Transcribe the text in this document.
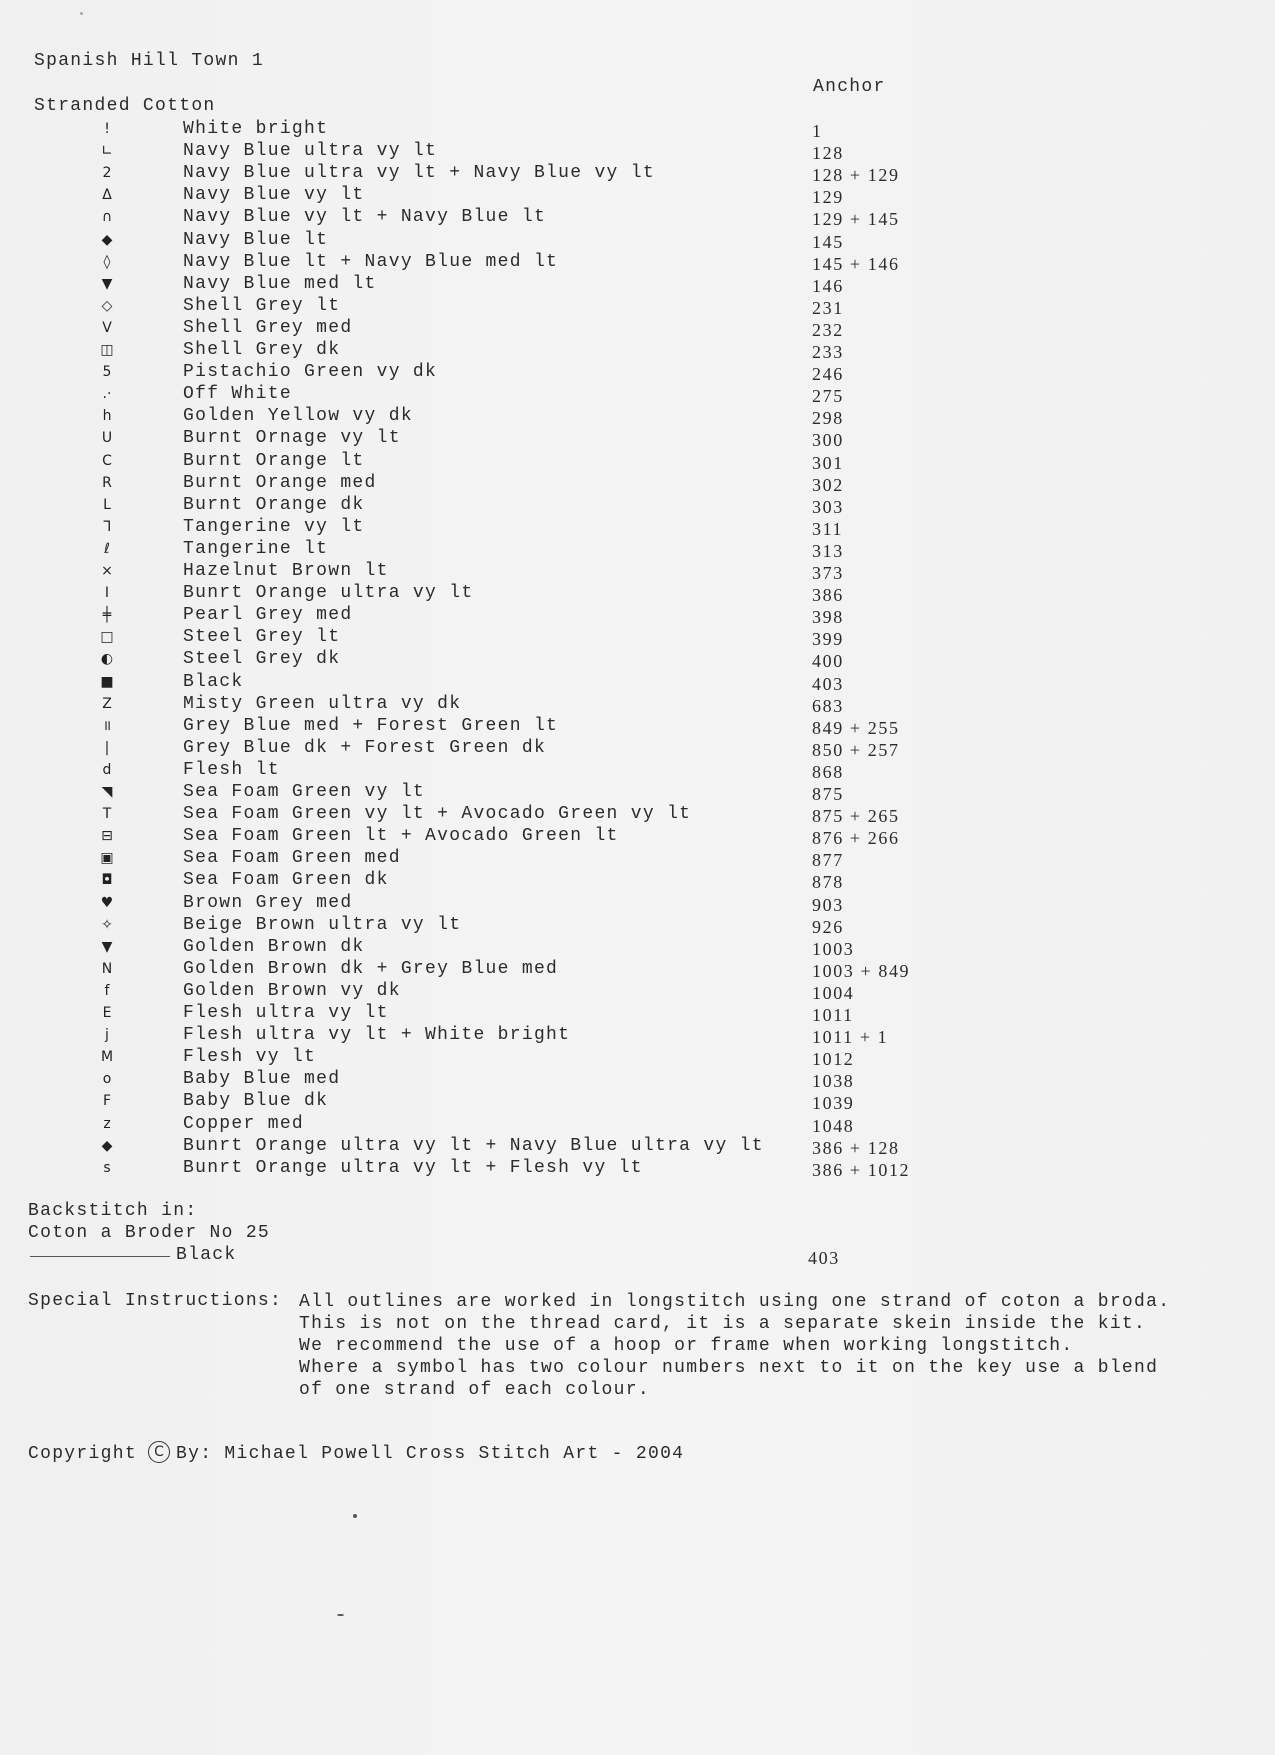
Spanish Hill Town 1
Anchor
Stranded Cotton
!	White bright	1
∟	Navy Blue ultra vy lt	128
2	Navy Blue ultra vy lt + Navy Blue vy lt	128 + 129
Δ	Navy Blue vy lt	129
∩	Navy Blue vy lt + Navy Blue lt	129 + 145
◆	Navy Blue lt	145
◊	Navy Blue lt + Navy Blue med lt	145 + 146
▼	Navy Blue med lt	146
◇	Shell Grey lt	231
V	Shell Grey med	232
◫	Shell Grey dk	233
5	Pistachio Green vy dk	246
.·	Off White	275
h	Golden Yellow vy dk	298
U	Burnt Ornage vy lt	300
C	Burnt Orange lt	301
R	Burnt Orange med	302
L	Burnt Orange dk	303
ᒣ	Tangerine vy lt	311
ℓ	Tangerine lt	313
×	Hazelnut Brown lt	373
I	Bunrt Orange ultra vy lt	386
╪	Pearl Grey med	398
□	Steel Grey lt	399
◐	Steel Grey dk	400
■	Black	403
Z	Misty Green ultra vy dk	683
॥	Grey Blue med + Forest Green lt	849 + 255
|	Grey Blue dk + Forest Green dk	850 + 257
d	Flesh lt	868
◥	Sea Foam Green vy lt	875
T	Sea Foam Green vy lt + Avocado Green vy lt	875 + 265
⊟	Sea Foam Green lt + Avocado Green lt	876 + 266
▣	Sea Foam Green med	877
◘	Sea Foam Green dk	878
♥	Brown Grey med	903
✧	Beige Brown ultra vy lt	926
▼	Golden Brown dk	1003
N	Golden Brown dk + Grey Blue med	1003 + 849
f	Golden Brown vy dk	1004
E	Flesh ultra vy lt	1011
j	Flesh ultra vy lt + White bright	1011 + 1
M	Flesh vy lt	1012
o	Baby Blue med	1038
F	Baby Blue dk	1039
z	Copper med	1048
◆	Bunrt Orange ultra vy lt + Navy Blue ultra vy lt	386 + 128
s	Bunrt Orange ultra vy lt + Flesh vy lt	386 + 1012
Backstitch in:
Coton a Broder No 25
Black	403
Special Instructions: All outlines are worked in longstitch using one strand of coton a broda.
This is not on the thread card, it is a separate skein inside the kit.
We recommend the use of a hoop or frame when working longstitch.
Where a symbol has two colour numbers next to it on the key use a blend
of one strand of each colour.
Copyright	C By: Michael Powell Cross Stitch Art - 2004
